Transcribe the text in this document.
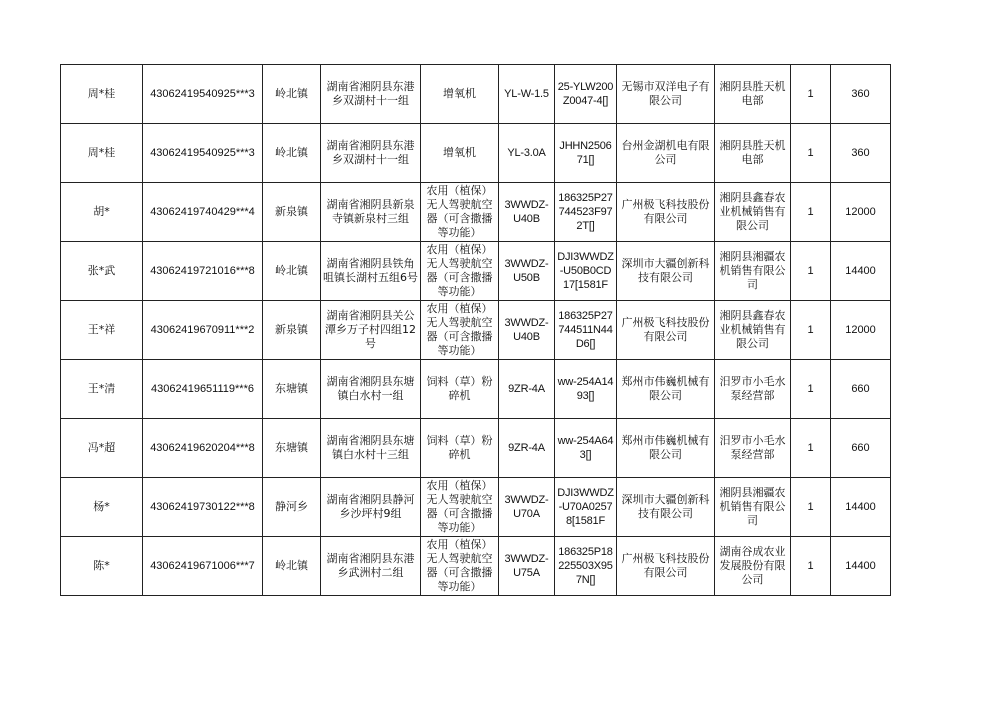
周*桂	43062419540925***3	岭北镇	湖南省湘阴县东港乡双湖村十一组	增氧机	YL-W-1.5	25-YLW200Z0047-4[]	无锡市双洋电子有限公司	湘阴县胜天机电部	1	360
周*桂	43062419540925***3	岭北镇	湖南省湘阴县东港乡双湖村十一组	增氧机	YL-3.0A	JHHN250671[]	台州金湖机电有限公司	湘阴县胜天机电部	1	360
胡*	43062419740429***4	新泉镇	湖南省湘阴县新泉寺镇新泉村三组	农用（植保）无人驾驶航空器（可含撒播等功能）	3WWDZ-U40B	186325P27744523F972T[]	广州极飞科技股份有限公司	湘阴县鑫春农业机械销售有限公司	1	12000
张*武	43062419721016***8	岭北镇	湖南省湘阴县铁角咀镇长湖村五组6号	农用（植保）无人驾驶航空器（可含撒播等功能）	3WWDZ-U50B	DJI3WWDZ-U50B0CD17[1581F	深圳市大疆创新科技有限公司	湘阴县湘疆农机销售有限公司	1	14400
王*祥	43062419670911***2	新泉镇	湖南省湘阴县关公潭乡万子村四组12号	农用（植保）无人驾驶航空器（可含撒播等功能）	3WWDZ-U40B	186325P27744511N44D6[]	广州极飞科技股份有限公司	湘阴县鑫春农业机械销售有限公司	1	12000
王*清	43062419651119***6	东塘镇	湖南省湘阴县东塘镇白水村一组	饲料（草）粉碎机	9ZR-4A	ww-254A1493[]	郑州市伟巍机械有限公司	汨罗市小毛水泵经营部	1	660
冯*超	43062419620204***8	东塘镇	湖南省湘阴县东塘镇白水村十三组	饲料（草）粉碎机	9ZR-4A	ww-254A643[]	郑州市伟巍机械有限公司	汨罗市小毛水泵经营部	1	660
杨*	43062419730122***8	静河乡	湖南省湘阴县静河乡沙坪村9组	农用（植保）无人驾驶航空器（可含撒播等功能）	3WWDZ-U70A	DJI3WWDZ-U70A02578[1581F	深圳市大疆创新科技有限公司	湘阴县湘疆农机销售有限公司	1	14400
陈*	43062419671006***7	岭北镇	湖南省湘阴县东港乡武洲村二组	农用（植保）无人驾驶航空器（可含撒播等功能）	3WWDZ-U75A	186325P18225503X957N[]	广州极飞科技股份有限公司	湖南谷成农业发展股份有限公司	1	14400
